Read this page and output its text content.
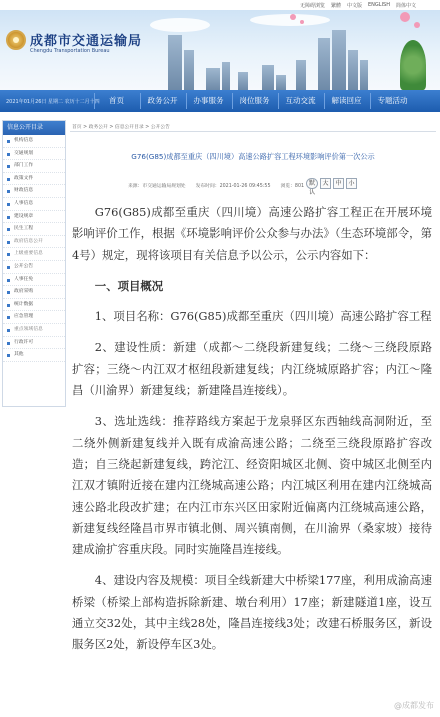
无障碍浏览 繁體 中文版 ENGLISH 简体中文
成都市交通运输局
Chengdu Transportation Bureau
2021年01月26日 星期二 农历十二月十四	首页	政务公开	办事服务	岗位服务	互动交流	解读回应	专题活动
信息公开目录
机构信息
交通规划
部门工作
政策文件
财政信息
人事信息
建设规章
民生工程
政府信息公开
上级重要信息
公开公告
人事任免
政府采购
统计数据
应急管理
重点领域信息
行政许可
其他
首页 > 政务公开 > 信息公开目录 > 公开公告
G76(G85)成都至重庆（四川境）高速公路扩容工程环境影响评价第一次公示
来源：市交通运输局规划处 发布时间：2021-01-26 09:45:55 浏览：801 默认
大	中	小

G76(G85)成都至重庆（四川境）高速公路扩容工程正在开展环境影响评价工作，根据《环境影响评价公众参与办法》（生态环境部令，第4号）规定，现将该项目有关信息予以公示，公示内容如下：

一、项目概况

1、项目名称：G76(G85)成都至重庆（四川境）高速公路扩容工程

2、建设性质：新建（成都～二绕段新建复线；二绕～三绕段原路扩容；三绕～内江双才枢纽段新建复线；内江绕城原路扩容；内江～隆昌（川渝界）新建复线；新建隆昌连接线）。

3、选址选线：推荐路线方案起于龙泉驿区东西轴线高洞附近，至二绕外侧新建复线并入既有成渝高速公路；二绕至三绕段原路扩容改造；自三绕起新建复线，跨沱江、经资阳城区北侧、资中城区北侧至内江双才镇附近接在建内江绕城高速公路；内江城区利用在建内江绕城高速公路北段改扩建；在内江市东兴区田家附近偏离内江绕城高速公路，新建复线经隆昌市界市镇北侧、周兴镇南侧，在川渝界（桑家坡）接待建成渝扩容重庆段。同时实施隆昌连接线。

4、建设内容及规模：项目全线新建大中桥梁177座，利用成渝高速桥梁（桥梁上部构造拆除新建、墩台利用）17座；新建隧道1座，设互通立交32处，其中主线28处，隆昌连接线3处；改建石桥服务区，新设服务区2处，新设停车区3处。

@成都发布
